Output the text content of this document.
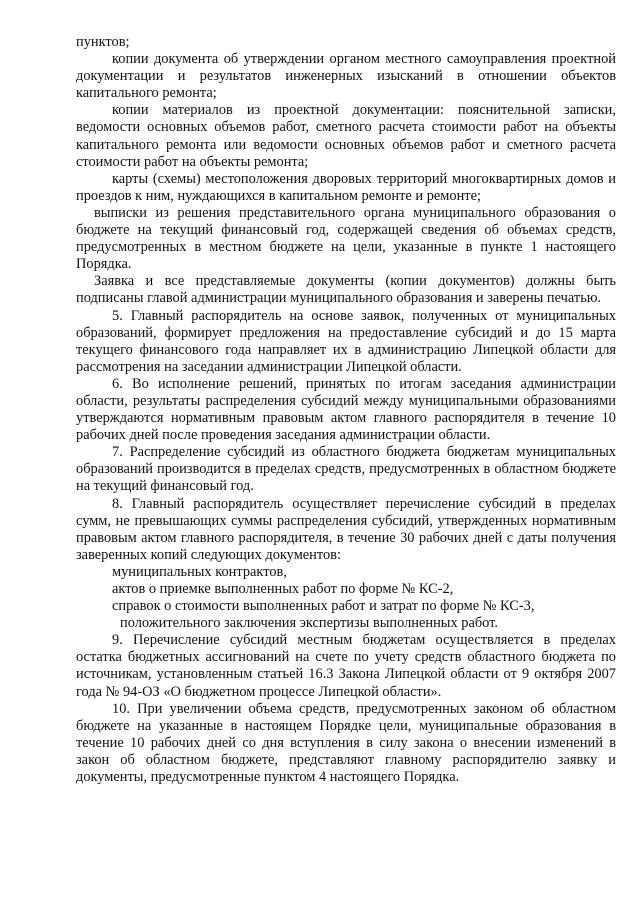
пунктов;

копии документа об утверждении органом местного самоуправления проектной документации и результатов инженерных изысканий в отношении объектов капитального ремонта;

копии материалов из проектной документации: пояснительной записки, ведомости основных объемов работ, сметного расчета стоимости работ на объекты капитального ремонта или ведомости основных объемов работ и сметного расчета стоимости работ на объекты ремонта;

карты (схемы) местоположения дворовых территорий многоквартирных домов и проездов к ним, нуждающихся в капитальном ремонте и ремонте;

выписки из решения представительного органа муниципального образования о бюджете на текущий финансовый год, содержащей сведения об объемах средств, предусмотренных в местном бюджете на цели, указанные в пункте 1 настоящего Порядка.

Заявка и все представляемые документы (копии документов) должны быть подписаны главой администрации муниципального образования и заверены печатью.

5. Главный распорядитель на основе заявок, полученных от муниципальных образований, формирует предложения на предоставление субсидий и до 15 марта текущего финансового года направляет их в администрацию Липецкой области для рассмотрения на заседании администрации Липецкой области.

6. Во исполнение решений, принятых по итогам заседания администрации области, результаты распределения субсидий между муниципальными образованиями утверждаются нормативным правовым актом главного распорядителя в течение 10 рабочих дней после проведения заседания администрации области.

7. Распределение субсидий из областного бюджета бюджетам муниципальных образований производится в пределах средств, предусмотренных в областном бюджете на текущий финансовый год.

8. Главный распорядитель осуществляет перечисление субсидий в пределах сумм, не превышающих суммы распределения субсидий, утвержденных нормативным правовым актом главного распорядителя, в течение 30 рабочих дней с даты получения заверенных копий следующих документов:

муниципальных контрактов,

актов о приемке выполненных работ по форме № КС-2,

справок о стоимости выполненных работ и затрат по форме № КС-3,

положительного заключения экспертизы выполненных работ.

9. Перечисление субсидий местным бюджетам осуществляется в пределах остатка бюджетных ассигнований на счете по учету средств областного бюджета по источникам, установленным статьей 16.3 Закона Липецкой области от 9 октября 2007 года № 94-ОЗ «О бюджетном процессе Липецкой области».

10. При увеличении объема средств, предусмотренных законом об областном бюджете на указанные в настоящем Порядке цели, муниципальные образования в течение 10 рабочих дней со дня вступления в силу закона о внесении изменений в закон об областном бюджете, представляют главному распорядителю заявку и документы, предусмотренные пунктом 4 настоящего Порядка.
